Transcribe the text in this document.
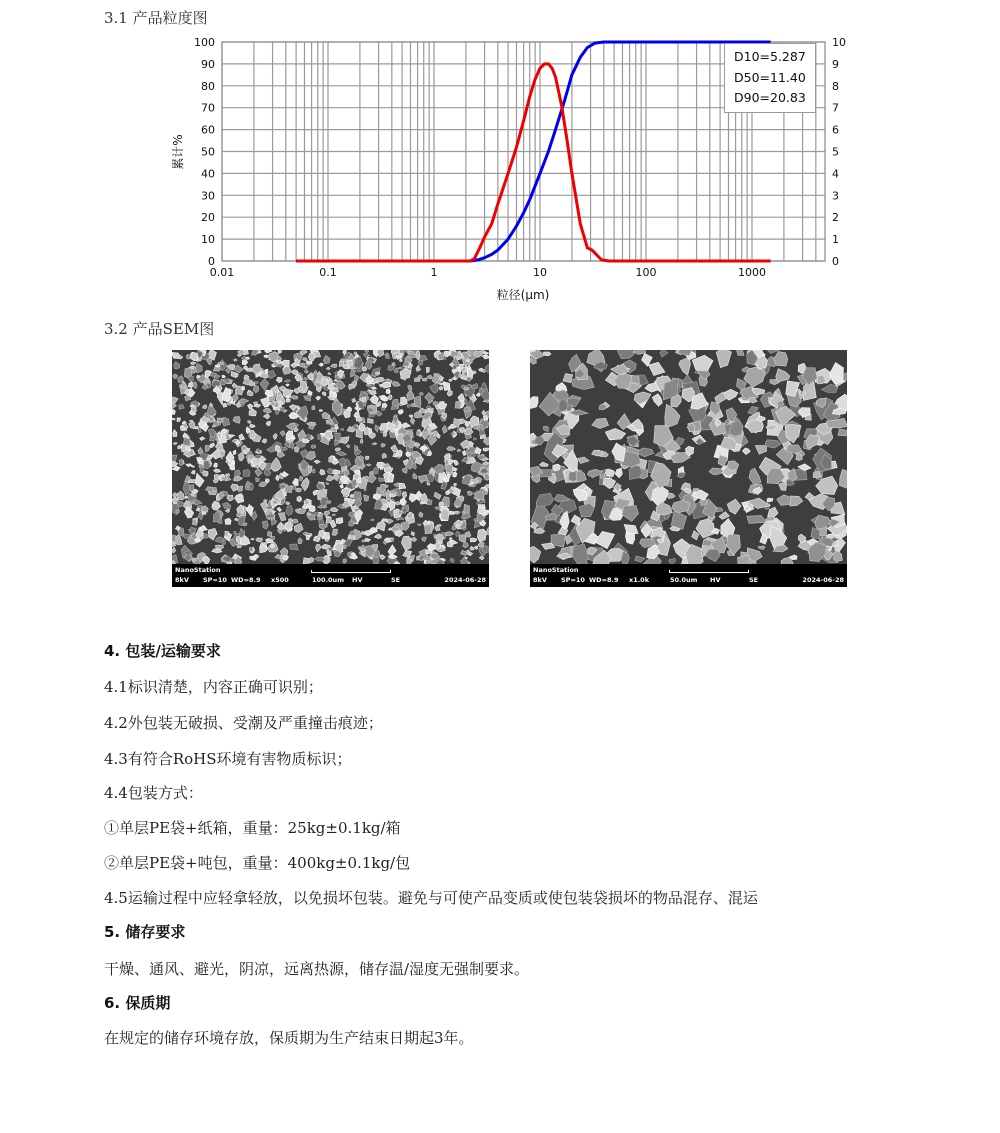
3.1 产品粒度图
0
10
20
30
40
50
60
70
80
90
100
0
1
2
3
4
5
6
7
8
9
10
0.01	0.1	1	10	100	1000
粒径(μm)
累计%
D10=5.287
D50=11.40
D90=20.83
3.2 产品SEM图
NanoStation
8kV SP=10 WD=8.9 x500	100.0um HV	SE	2024-06-28
NanoStation
8kV SP=10 WD=8.9 x1.0k	50.0um HV	SE	2024-06-28
4. 包装/运输要求
4.1标识清楚，内容正确可识别；
4.2外包装无破损、受潮及严重撞击痕迹；
4.3有符合RoHS环境有害物质标识；
4.4包装方式：
①单层PE袋+纸箱，重量：25kg±0.1kg/箱
②单层PE袋+吨包，重量：400kg±0.1kg/包
4.5运输过程中应轻拿轻放，以免损坏包装。避免与可使产品变质或使包装袋损坏的物品混存、混运
5. 储存要求
干燥、通风、避光，阴凉，远离热源，储存温/湿度无强制要求。
6. 保质期
在规定的储存环境存放，保质期为生产结束日期起3年。
